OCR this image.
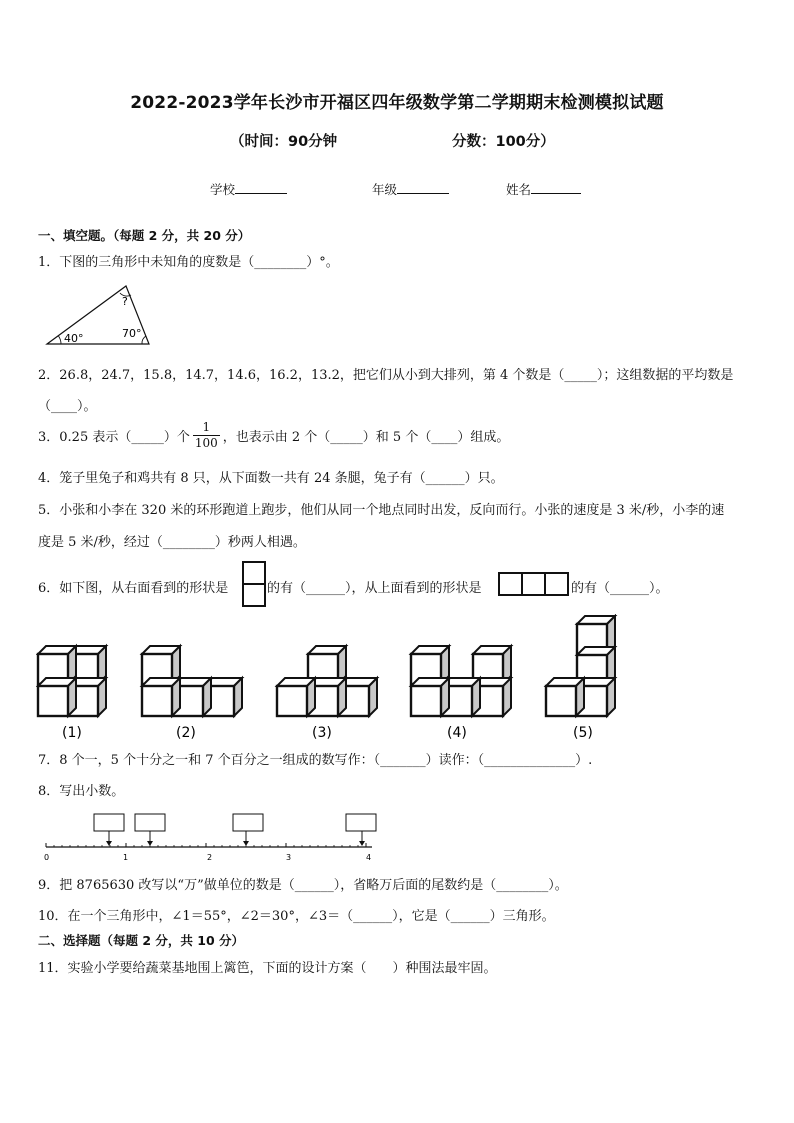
2022-2023学年长沙市开福区四年级数学第二学期期末检测模拟试题
（时间：90分钟	分数：100分）
学校	年级	姓名
一、填空题。（每题 2 分，共 20 分）
1．下图的三角形中未知角的度数是（________）°。
40°	70°
?
2．26.8，24.7，15.8，14.7，14.6，16.2，13.2，把它们从小到大排列，第 4 个数是（_____）；这组数据的平均数是
（____）。
3．0.25 表示（_____）个 $\frac{1}{100}$ ，也表示由 2 个（_____）和 5 个（____）组成。
4．笼子里兔子和鸡共有 8 只，从下面数一共有 24 条腿，兔子有（______）只。
5．小张和小李在 320 米的环形跑道上跑步，他们从同一个地点同时出发，反向而行。小张的速度是 3 米/秒，小李的速
度是 5 米/秒，经过（________）秒两人相遇。
6．如下图，从右面看到的形状是	的有（______），从上面看到的形状是	的有（______）。
(1)	(2)	(3)	(4)	(5)
7．8 个一，5 个十分之一和 7 个百分之一组成的数写作：（_______）读作：（______________）.
8．写出小数。
0	1	2	3	4
9．把 8765630 改写以“万”做单位的数是（______），省略万后面的尾数约是（________）。
10．在一个三角形中，∠1＝55°，∠2＝30°，∠3＝（______），它是（______）三角形。
二、选择题（每题 2 分，共 10 分）
11．实验小学要给蔬菜基地围上篱笆，下面的设计方案（　　）种围法最牢固。
